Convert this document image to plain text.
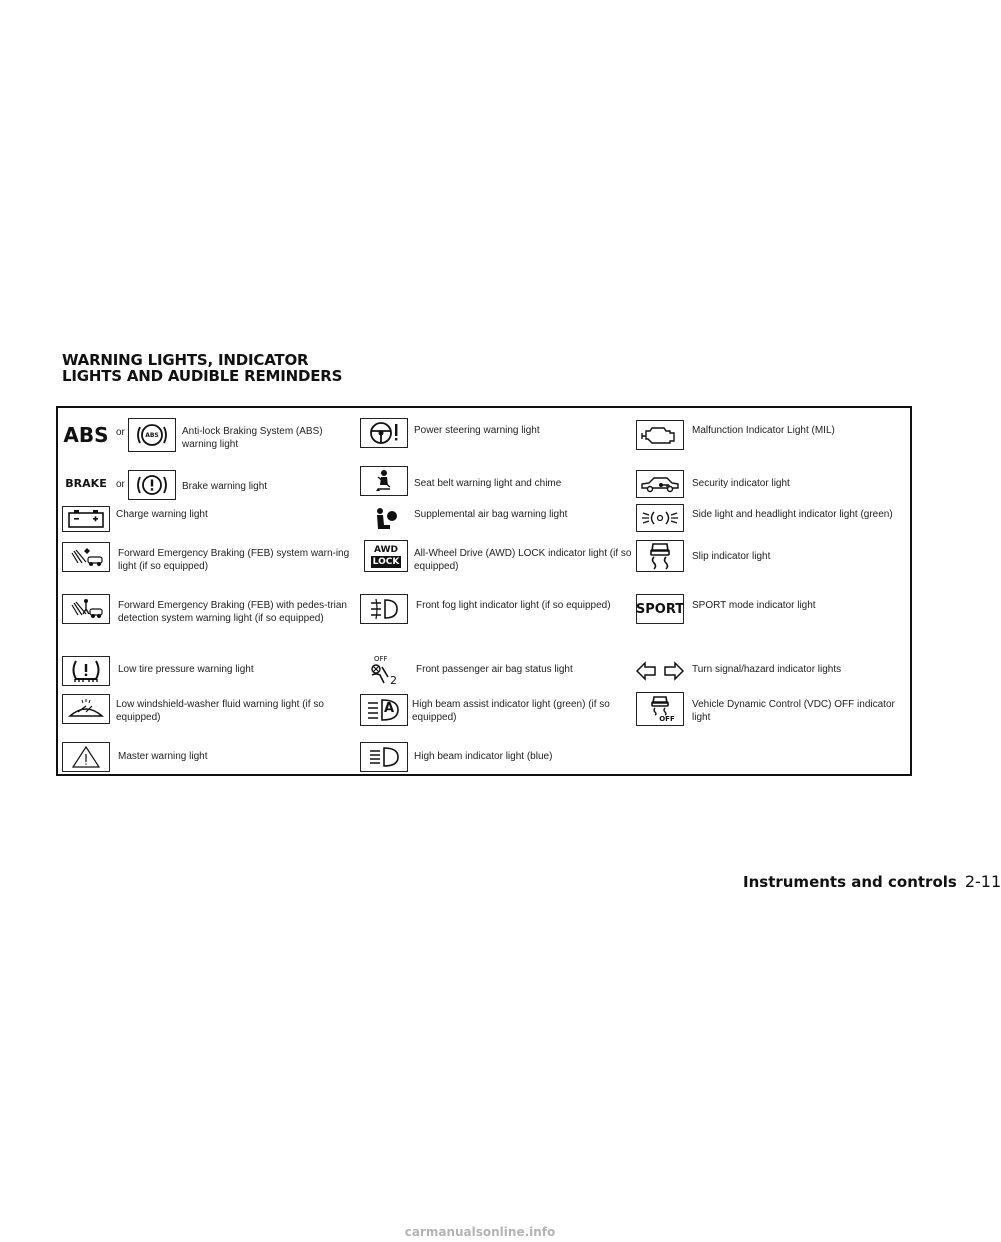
WARNING LIGHTS, INDICATOR
LIGHTS AND AUDIBLE REMINDERS
ABS or	ABS Anti-lock Braking System (ABS) warning light
BRAKE or	Brake warning light
Charge warning light
Forward Emergency Braking (FEB) system warn-ing light (if so equipped)
Forward Emergency Braking (FEB) with pedes-trian detection system warning light (if so equipped)
Low tire pressure warning light
Low windshield-washer fluid warning light (if so equipped)
Master warning light
Power steering warning light
Seat belt warning light and chime
Supplemental air bag warning light
AWD
LOCK
All-Wheel Drive (AWD) LOCK indicator light (if so equipped)
Front fog light indicator light (if so equipped)
OFF
2
Front passenger air bag status light
A High beam assist indicator light (green) (if so equipped)
High beam indicator light (blue)
Malfunction Indicator Light (MIL)
Security indicator light
Side light and headlight indicator light (green)
Slip indicator light
SPORT SPORT mode indicator light
Turn signal/hazard indicator lights
OFF
Vehicle Dynamic Control (VDC) OFF indicator light
Instruments and controls 2-11
carmanualsonline.info
